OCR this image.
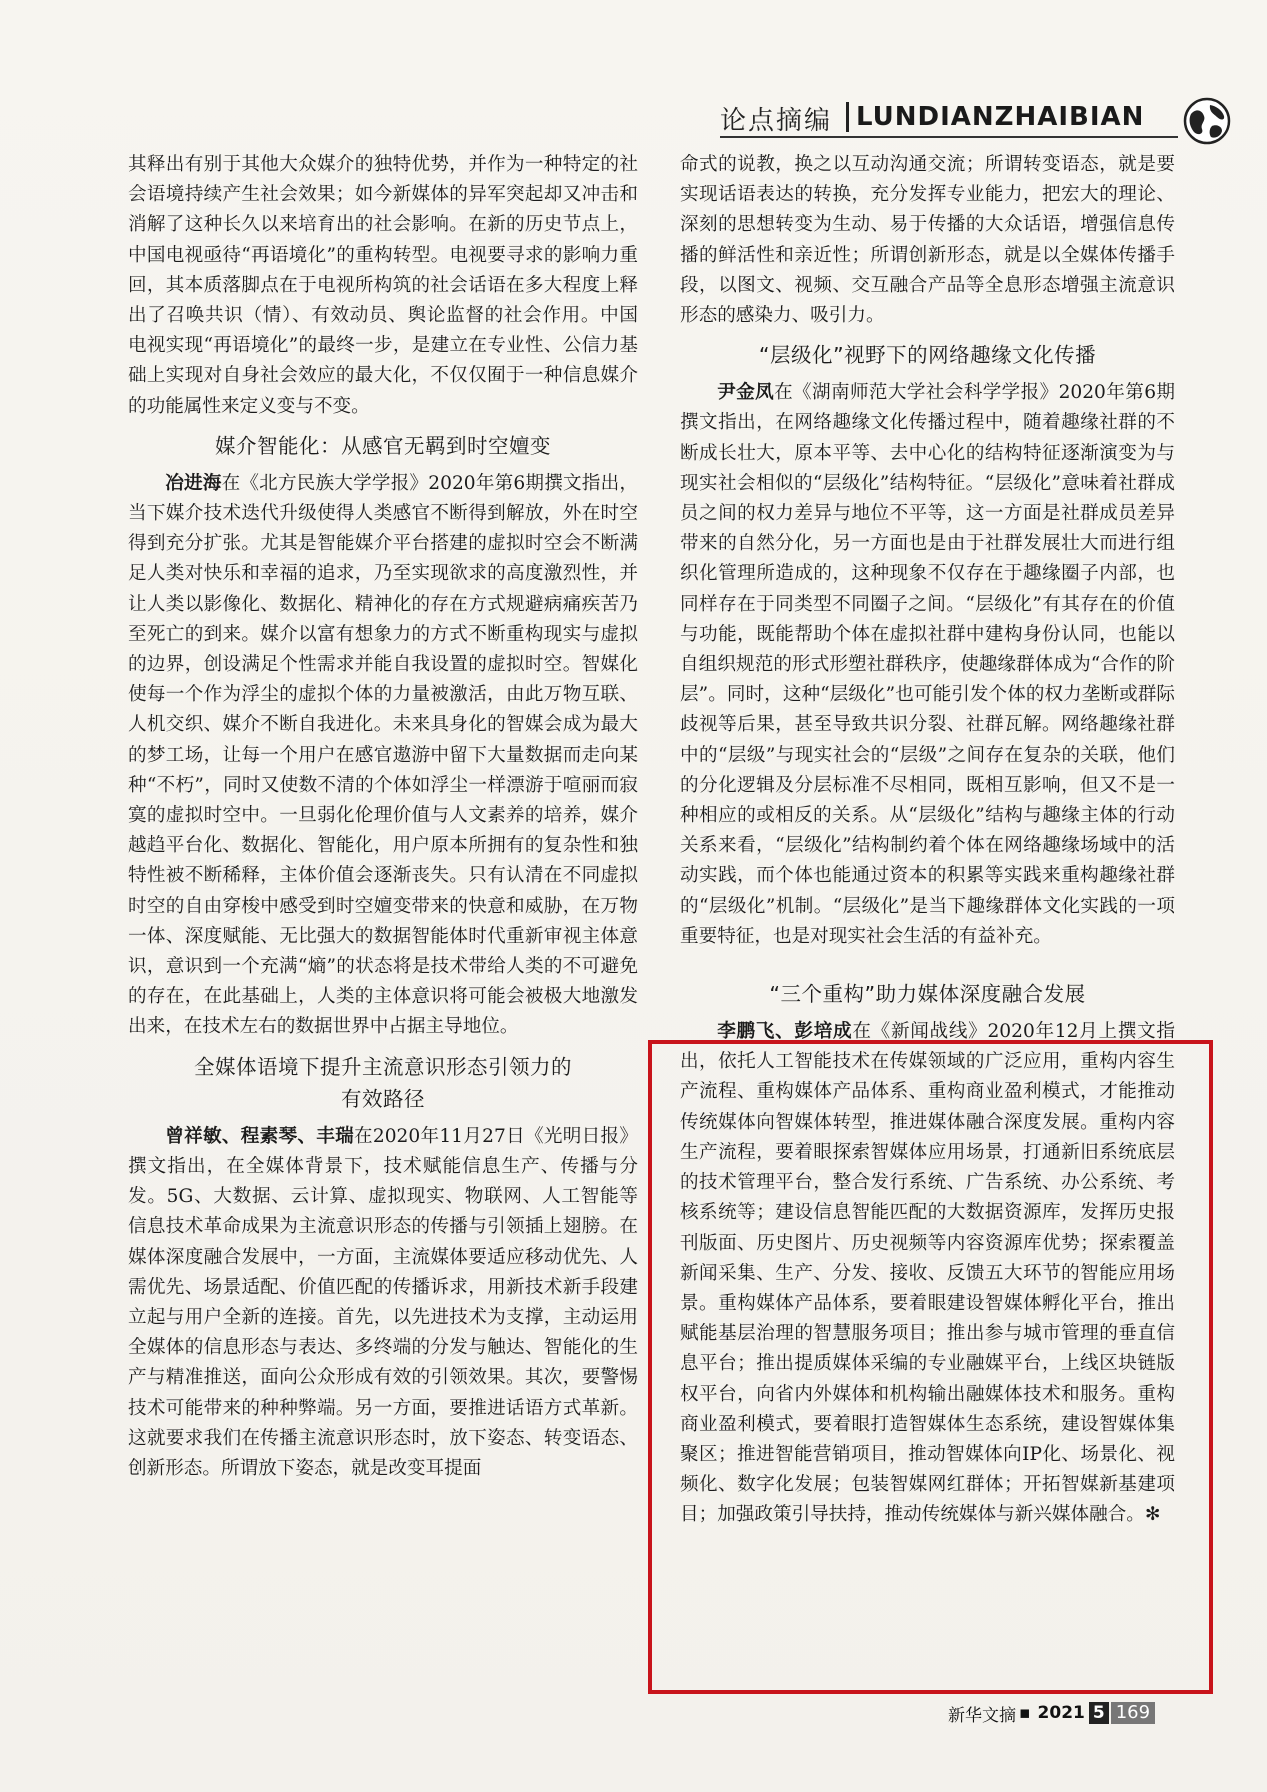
论点摘编 LUNDIANZHAIBIAN

其释出有别于其他大众媒介的独特优势，并作为一种特定的社会语境持续产生社会效果；如今新媒体的异军突起却又冲击和消解了这种长久以来培育出的社会影响。在新的历史节点上，中国电视亟待“再语境化”的重构转型。电视要寻求的影响力重回，其本质落脚点在于电视所构筑的社会话语在多大程度上释出了召唤共识（情）、有效动员、舆论监督的社会作用。中国电视实现“再语境化”的最终一步，是建立在专业性、公信力基础上实现对自身社会效应的最大化，不仅仅囿于一种信息媒介的功能属性来定义变与不变。

媒介智能化：从感官无羁到时空嬗变

冶进海在《北方民族大学学报》2020年第6期撰文指出，当下媒介技术迭代升级使得人类感官不断得到解放，外在时空得到充分扩张。尤其是智能媒介平台搭建的虚拟时空会不断满足人类对快乐和幸福的追求，乃至实现欲求的高度激烈性，并让人类以影像化、数据化、精神化的存在方式规避病痛疾苦乃至死亡的到来。媒介以富有想象力的方式不断重构现实与虚拟的边界，创设满足个性需求并能自我设置的虚拟时空。智媒化使每一个作为浮尘的虚拟个体的力量被激活，由此万物互联、人机交织、媒介不断自我进化。未来具身化的智媒会成为最大的梦工场，让每一个用户在感官遨游中留下大量数据而走向某种“不朽”，同时又使数不清的个体如浮尘一样漂游于喧丽而寂寞的虚拟时空中。一旦弱化伦理价值与人文素养的培养，媒介越趋平台化、数据化、智能化，用户原本所拥有的复杂性和独特性被不断稀释，主体价值会逐渐丧失。只有认清在不同虚拟时空的自由穿梭中感受到时空嬗变带来的快意和威胁，在万物一体、深度赋能、无比强大的数据智能体时代重新审视主体意识，意识到一个充满“熵”的状态将是技术带给人类的不可避免的存在，在此基础上，人类的主体意识将可能会被极大地激发出来，在技术左右的数据世界中占据主导地位。

全媒体语境下提升主流意识形态引领力的
有效路径

曾祥敏、程素琴、丰瑞在2020年11月27日《光明日报》撰文指出，在全媒体背景下，技术赋能信息生产、传播与分发。5G、大数据、云计算、虚拟现实、物联网、人工智能等信息技术革命成果为主流意识形态的传播与引领插上翅膀。在媒体深度融合发展中，一方面，主流媒体要适应移动优先、人需优先、场景适配、价值匹配的传播诉求，用新技术新手段建立起与用户全新的连接。首先，以先进技术为支撑，主动运用全媒体的信息形态与表达、多终端的分发与触达、智能化的生产与精准推送，面向公众形成有效的引领效果。其次，要警惕技术可能带来的种种弊端。另一方面，要推进话语方式革新。这就要求我们在传播主流意识形态时，放下姿态、转变语态、创新形态。所谓放下姿态，就是改变耳提面

命式的说教，换之以互动沟通交流；所谓转变语态，就是要实现话语表达的转换，充分发挥专业能力，把宏大的理论、深刻的思想转变为生动、易于传播的大众话语，增强信息传播的鲜活性和亲近性；所谓创新形态，就是以全媒体传播手段，以图文、视频、交互融合产品等全息形态增强主流意识形态的感染力、吸引力。

“层级化”视野下的网络趣缘文化传播

尹金凤在《湖南师范大学社会科学学报》2020年第6期撰文指出，在网络趣缘文化传播过程中，随着趣缘社群的不断成长壮大，原本平等、去中心化的结构特征逐渐演变为与现实社会相似的“层级化”结构特征。“层级化”意味着社群成员之间的权力差异与地位不平等，这一方面是社群成员差异带来的自然分化，另一方面也是由于社群发展壮大而进行组织化管理所造成的，这种现象不仅存在于趣缘圈子内部，也同样存在于同类型不同圈子之间。“层级化”有其存在的价值与功能，既能帮助个体在虚拟社群中建构身份认同，也能以自组织规范的形式形塑社群秩序，使趣缘群体成为“合作的阶层”。同时，这种“层级化”也可能引发个体的权力垄断或群际歧视等后果，甚至导致共识分裂、社群瓦解。网络趣缘社群中的“层级”与现实社会的“层级”之间存在复杂的关联，他们的分化逻辑及分层标准不尽相同，既相互影响，但又不是一种相应的或相反的关系。从“层级化”结构与趣缘主体的行动关系来看，“层级化”结构制约着个体在网络趣缘场域中的活动实践，而个体也能通过资本的积累等实践来重构趣缘社群的“层级化”机制。“层级化”是当下趣缘群体文化实践的一项重要特征，也是对现实社会生活的有益补充。

“三个重构”助力媒体深度融合发展

李鹏飞、彭培成在《新闻战线》2020年12月上撰文指出，依托人工智能技术在传媒领域的广泛应用，重构内容生产流程、重构媒体产品体系、重构商业盈利模式，才能推动传统媒体向智媒体转型，推进媒体融合深度发展。重构内容生产流程，要着眼探索智媒体应用场景，打通新旧系统底层的技术管理平台，整合发行系统、广告系统、办公系统、考核系统等；建设信息智能匹配的大数据资源库，发挥历史报刊版面、历史图片、历史视频等内容资源库优势；探索覆盖新闻采集、生产、分发、接收、反馈五大环节的智能应用场景。重构媒体产品体系，要着眼建设智媒体孵化平台，推出赋能基层治理的智慧服务项目；推出参与城市管理的垂直信息平台；推出提质媒体采编的专业融媒平台，上线区块链版权平台，向省内外媒体和机构输出融媒体技术和服务。重构商业盈利模式，要着眼打造智媒体生态系统，建设智媒体集聚区；推进智能营销项目，推动智媒体向IP化、场景化、视频化、数字化发展；包装智媒网红群体；开拓智媒新基建项目；加强政策引导扶持，推动传统媒体与新兴媒体融合。✻

新华文摘 ▪ 2021 5 169
